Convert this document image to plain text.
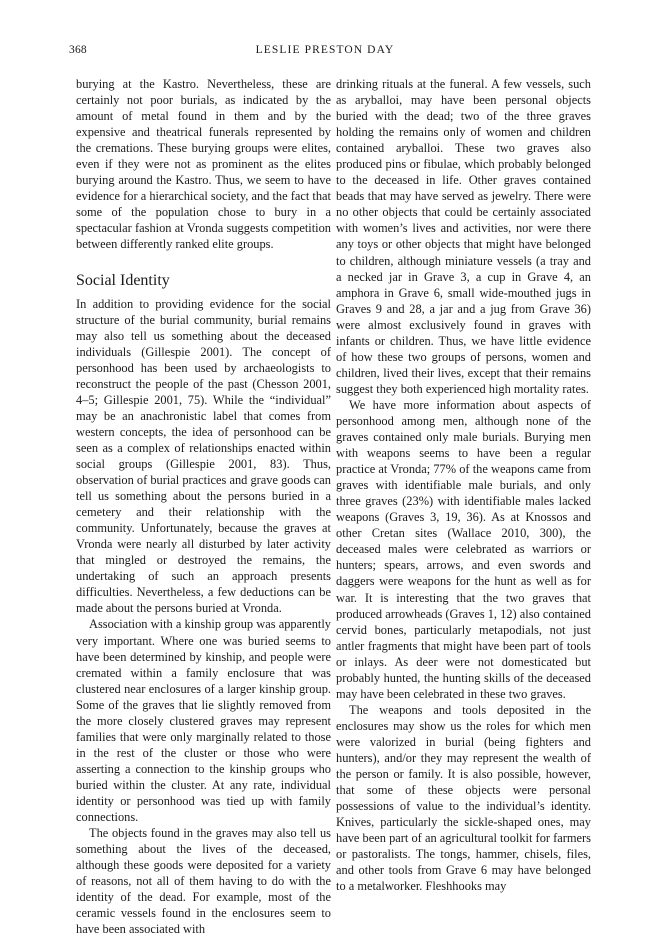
368	LESLIE PRESTON DAY

burying at the Kastro. Nevertheless, these are certainly not poor burials, as indicated by the amount of metal found in them and by the expensive and theatrical funerals represented by the cremations. These burying groups were elites, even if they were not as prominent as the elites burying around the Kastro. Thus, we seem to have evidence for a hierarchical society, and the fact that some of the population chose to bury in a spectacular fashion at Vronda suggests competition between differently ranked elite groups.

Social Identity

In addition to providing evidence for the social structure of the burial community, burial remains may also tell us something about the deceased individuals (Gillespie 2001). The concept of personhood has been used by archaeologists to reconstruct the people of the past (Chesson 2001, 4–5; Gillespie 2001, 75). While the “individual” may be an anachronistic label that comes from western concepts, the idea of personhood can be seen as a complex of relationships enacted within social groups (Gillespie 2001, 83). Thus, observation of burial practices and grave goods can tell us something about the persons buried in a cemetery and their relationship with the community. Unfortunately, because the graves at Vronda were nearly all disturbed by later activity that mingled or destroyed the remains, the undertaking of such an approach presents difficulties. Nevertheless, a few deductions can be made about the persons buried at Vronda.

Association with a kinship group was apparently very important. Where one was buried seems to have been determined by kinship, and people were cremated within a family enclosure that was clustered near enclosures of a larger kinship group. Some of the graves that lie slightly removed from the more closely clustered graves may represent families that were only marginally related to those in the rest of the cluster or those who were asserting a connection to the kinship groups who buried within the cluster. At any rate, individual identity or personhood was tied up with family connections.

The objects found in the graves may also tell us something about the lives of the deceased, although these goods were deposited for a variety of reasons, not all of them having to do with the identity of the dead. For example, most of the ceramic vessels found in the enclosures seem to have been associated with

drinking rituals at the funeral. A few vessels, such as aryballoi, may have been personal objects buried with the dead; two of the three graves holding the remains only of women and children contained aryballoi. These two graves also produced pins or fibulae, which probably belonged to the deceased in life. Other graves contained beads that may have served as jewelry. There were no other objects that could be certainly associated with women’s lives and activities, nor were there any toys or other objects that might have belonged to children, although miniature vessels (a tray and a necked jar in Grave 3, a cup in Grave 4, an amphora in Grave 6, small wide-mouthed jugs in Graves 9 and 28, a jar and a jug from Grave 36) were almost exclusively found in graves with infants or children. Thus, we have little evidence of how these two groups of persons, women and children, lived their lives, except that their remains suggest they both experienced high mortality rates.

We have more information about aspects of personhood among men, although none of the graves contained only male burials. Burying men with weapons seems to have been a regular practice at Vronda; 77% of the weapons came from graves with identifiable male burials, and only three graves (23%) with identifiable males lacked weapons (Graves 3, 19, 36). As at Knossos and other Cretan sites (Wallace 2010, 300), the deceased males were celebrated as warriors or hunters; spears, arrows, and even swords and daggers were weapons for the hunt as well as for war. It is interesting that the two graves that produced arrowheads (Graves 1, 12) also contained cervid bones, particularly metapodials, not just antler fragments that might have been part of tools or inlays. As deer were not domesticated but probably hunted, the hunting skills of the deceased may have been celebrated in these two graves.

The weapons and tools deposited in the enclosures may show us the roles for which men were valorized in burial (being fighters and hunters), and/or they may represent the wealth of the person or family. It is also possible, however, that some of these objects were personal possessions of value to the individual’s identity. Knives, particularly the sickle-shaped ones, may have been part of an agricultural toolkit for farmers or pastoralists. The tongs, hammer, chisels, files, and other tools from Grave 6 may have belonged to a metalworker. Fleshhooks may
